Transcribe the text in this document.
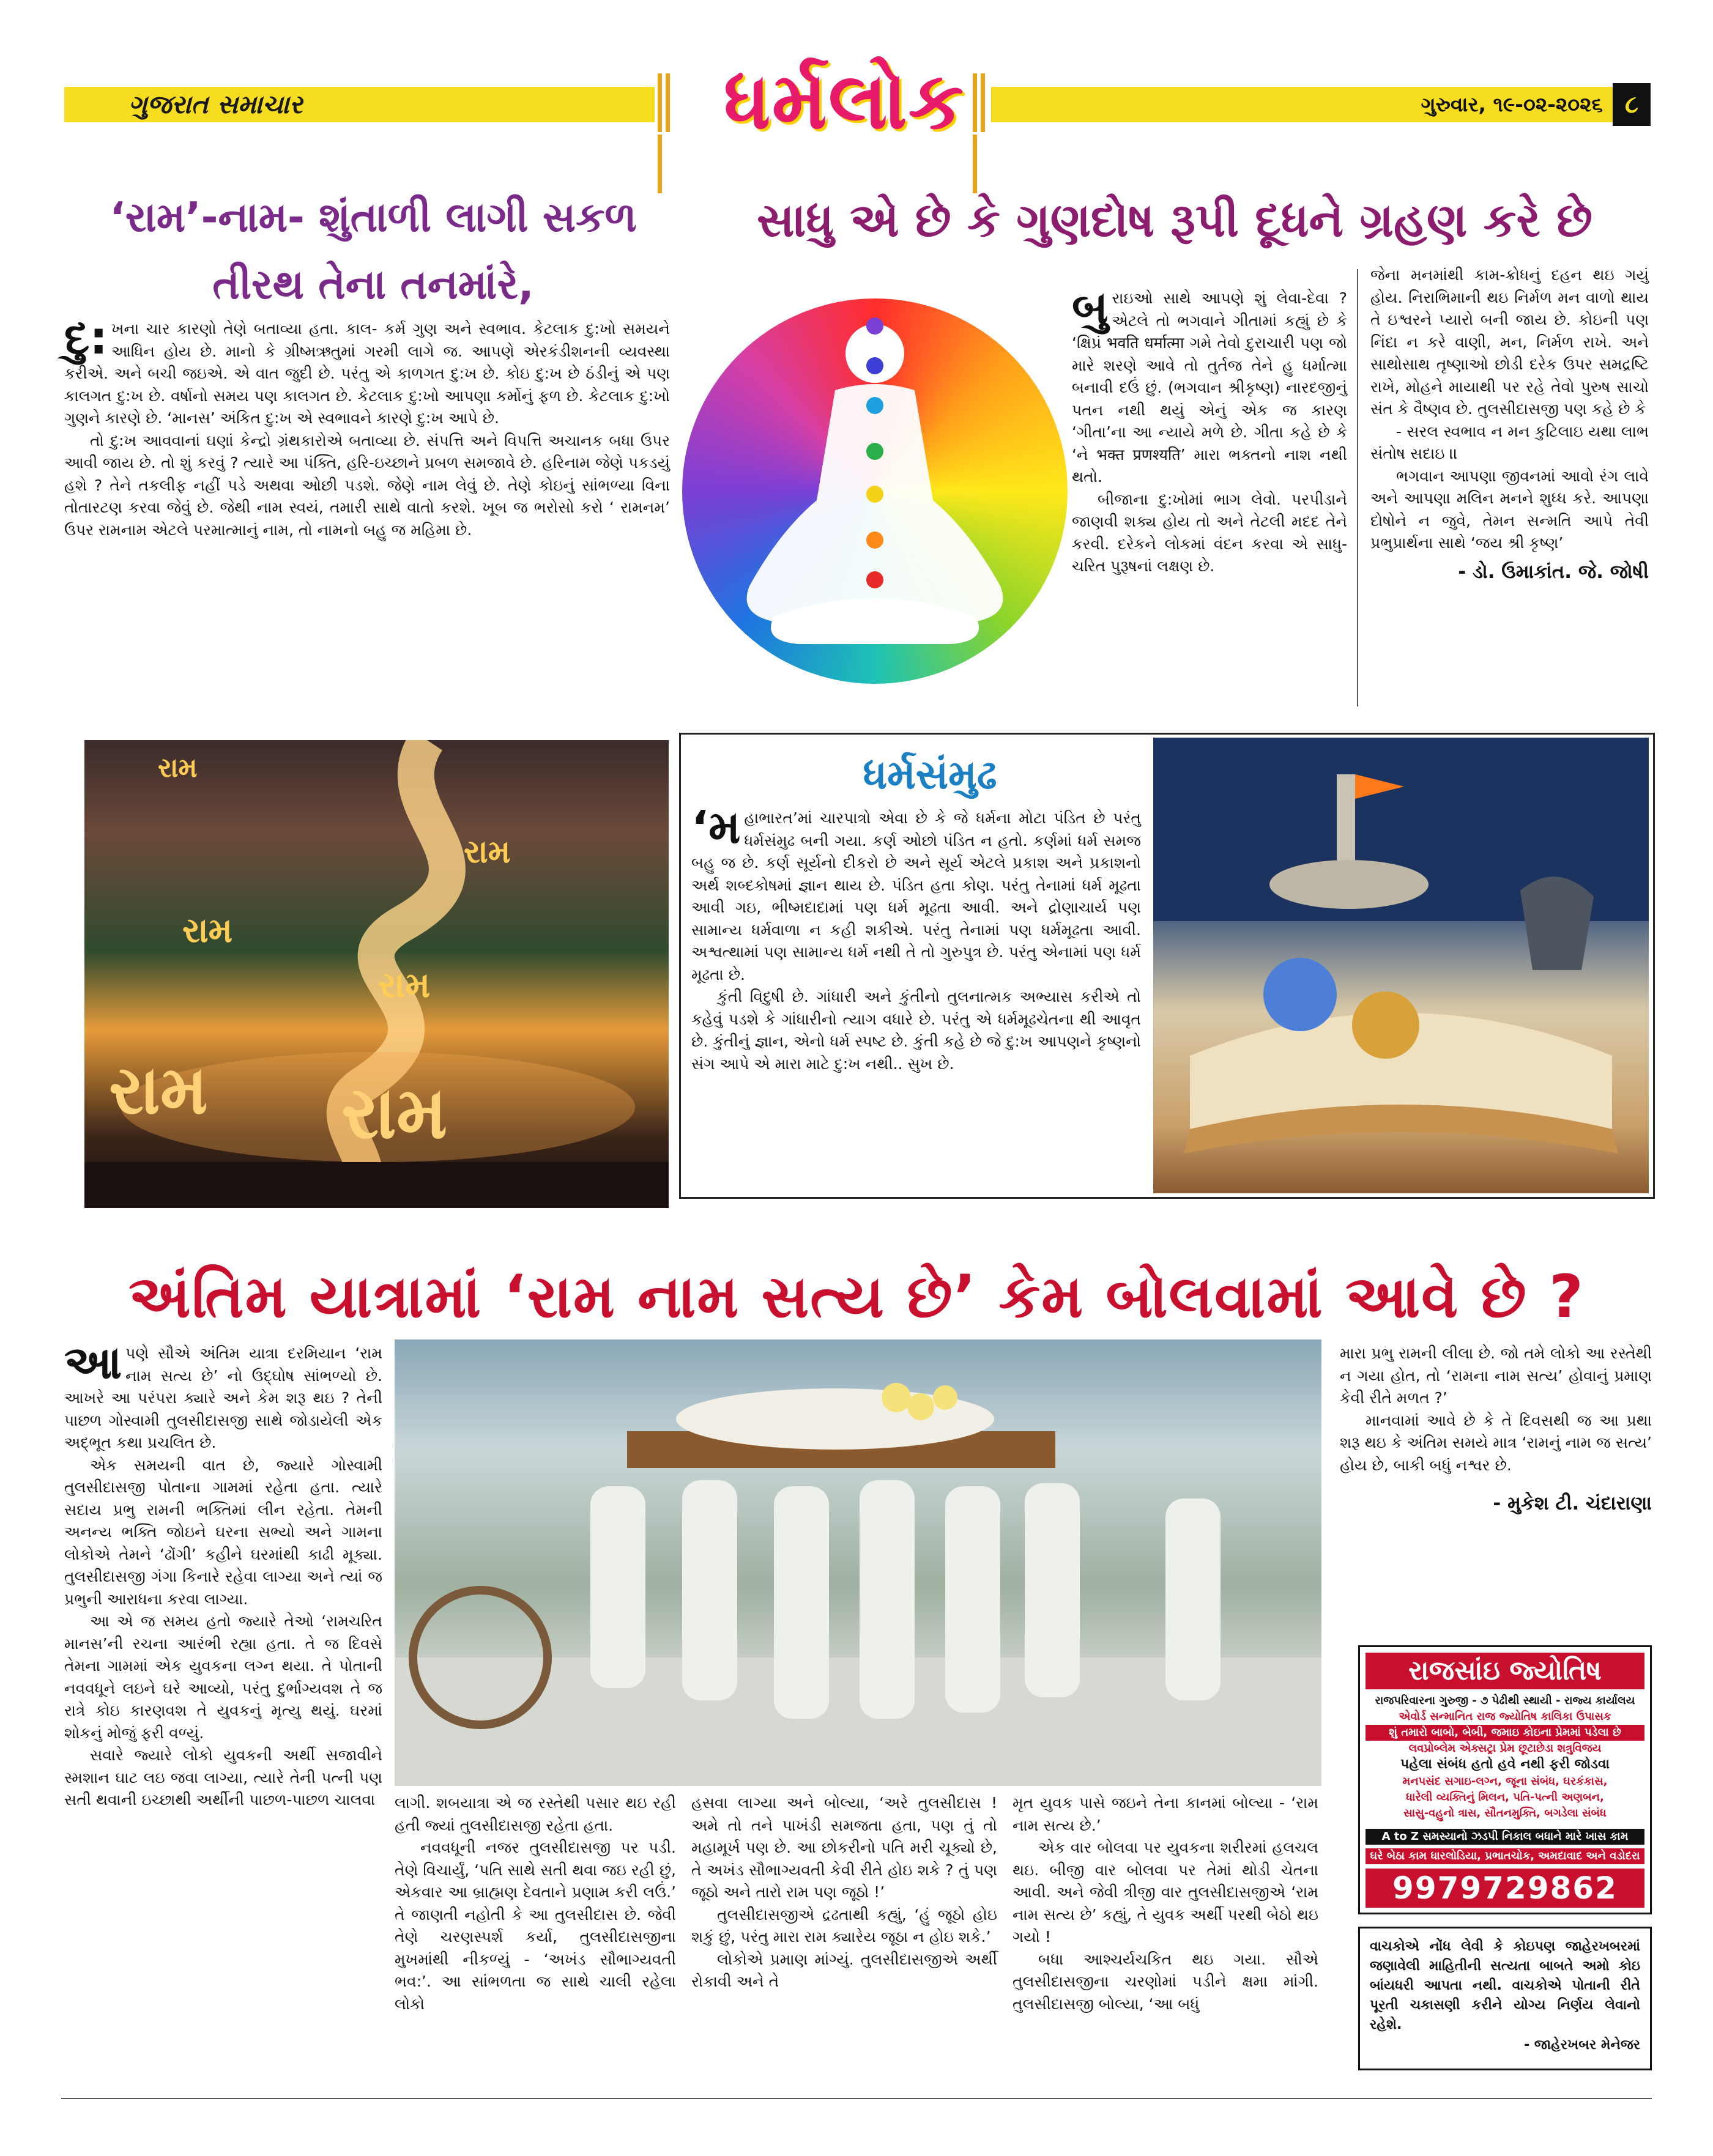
ગુજરાત સમાચાર	ધર્મલોક	ગુરુવાર, ૧૯-૦૨-૨૦૨૬ ૮
‘રામ’-નામ- શુંતાળી લાગી સકળ તીરથ તેના તનમાંરે,

દુ: ખના ચાર કારણો તેણે બતાવ્યા હતા. કાલ- કર્મ ગુણ અને સ્વભાવ. કેટલાક દુ:ખો સમયને આધિન હોય છે. માનો કે ગ્રીષ્મઋતુમાં ગરમી લાગે જ. આપણે એરકંડીશનની વ્યવસ્થા કરીએ. અને બચી જઇએ. એ વાત જુદી છે. પરંતુ એ કાળગત દુ:ખ છે. કોઇ દુ:ખ છે ઠંડીનું એ પણ કાલગત દુ:ખ છે. વર્ષાનો સમય પણ કાલગત છે. કેટલાક દુ:ખો આપણા કર્મોનું ફળ છે. કેટલાક દુ:ખો ગુણને કારણે છે. ‘માનસ’ અંકિત દુ:ખ એ સ્વભાવને કારણે દુ:ખ આપે છે.

તો દુ:ખ આવવાનાં ઘણાં કેન્દ્રો ગ્રંથકારોએ બતાવ્યા છે. સંપત્તિ અને વિપત્તિ અચાનક બધા ઉપર આવી જાય છે. તો શું કરવું ? ત્યારે આ પંક્તિ, હરિ-ઇચ્છાને પ્રબળ સમજાવે છે. હરિનામ જેણે પકડયું હશે ? તેને તકલીફ નહીં પડે અથવા ઓછી પડશે. જેણે નામ લેવું છે. તેણે કોઇનું સાંભળ્યા વિના તોતારટણ કરવા જેવું છે. જેથી નામ સ્વયં, તમારી સાથે વાતો કરશે. ખૂબ જ ભરોસો કરો ‘ રામનમ’ ઉપર રામનામ એટલે પરમાત્માનું નામ, તો નામનો બહુ જ મહિમા છે.

સાધુ એ છે કે ગુણદોષ રૂપી દૂધને ગ્રહણ કરે છે

બુરાઇઓ સાથે આપણે શું લેવા-દેવા ? એટલે તો ભગવાને ગીતામાં કહ્યું છે કે ‘ક્ષિપ્રં भवति धर्मात्मा ગમે તેવો દુરાચારી પણ જો મારે શરણે આવે તો તુર્તજ તેને હુ ધર્માત્મા બનાવી દઉં છું. (ભગવાન શ્રીકૃષ્ણ) નારદજીનું પતન નથી થયું એનું એક જ કારણ ‘ગીતા’ના આ ન્યાયે મળે છે. ગીતા કહે છે કે ‘ને भक्त प्रणश्यति’ મારા ભક્તનો નાશ નથી થતો.

બીજાના દુ:ખોમાં ભાગ લેવો. પરપીડાને જાણવી શક્ય હોય તો અને તેટલી મદદ તેને કરવી. દરેકને લોકમાં વંદન કરવા એ સાધુ-ચરિત પુરૂષનાં લક્ષણ છે.

જેના મનમાંથી કામ-ક્રોધનું દહન થઇ ગયું હોય. નિરાભિમાની થઇ નિર્મળ મન વાળો થાય તે ઇશ્વરને પ્યારો બની જાય છે. કોઇની પણ નિંદા ન કરે વાણી, મન, નિર્મળ રાખે. અને સાથોસાથ તૃષ્ણાઓ છોડી દરેક ઉપર સમદ્રષ્ટિ રાખે, મોહને માયાથી પર રહે તેવો પુરુષ સાચો સંત કે વૈષ્ણવ છે. તુલસીદાસજી પણ કહે છે કે

- સરલ સ્વભાવ ન મન કુટિલાઇ યથા લાભ સંતોષ સદાઇ ।।

ભગવાન આપણા જીવનમાં આવો રંગ લાવે અને આપણા મલિન મનને શુધ્ધ કરે. આપણા દોષોને ન જુવે, તેમન સન્મતિ આપે તેવી પ્રભુપ્રાર્થના સાથે ‘જય શ્રી કૃષ્ણ’

- ડો. ઉમાકાંત. જે. જોષી
રામ
રામ
રામ
રામ
રામ રામ
ધર્મસંમુઢ

‘મહાભારત’માં ચારપાત્રો એવા છે કે જે ધર્મના મોટા પંડિત છે પરંતુ ધર્મસંમુઢ બની ગયા. કર્ણ ઓછો પંડિત ન હતો. કર્ણમાં ધર્મ સમજ બહુ જ છે. કર્ણ સૂર્યનો દીકરો છે અને સૂર્ય એટલે પ્રકાશ અને પ્રકાશનો અર્થ શબ્દકોષમાં જ્ઞાન થાય છે. પંડિત હતા કોણ. પરંતુ તેનામાં ધર્મ મૂઢતા આવી ગઇ, ભીષ્મદાદામાં પણ ધર્મ મૂઢતા આવી. અને દ્રોણાચાર્ય પણ સામાન્ય ધર્મવાળા ન કહી શકીએ. પરંતુ તેનામાં પણ ધર્મમૂઢતા આવી. અશ્વત્થામાં પણ સામાન્ય ધર્મ નથી તે તો ગુરુપુત્ર છે. પરંતુ એનામાં પણ ધર્મ મૂઢતા છે.

કુંતી વિદુષી છે. ગાંધારી અને કુંતીનો તુલનાત્મક અભ્યાસ કરીએ તો કહેવું પડશે કે ગાંધારીનો ત્યાગ વધારે છે. પરંતુ એ ધર્મમૂઢચેતના થી આવૃત છે. કુંતીનું જ્ઞાન, એનો ધર્મ સ્પષ્ટ છે. કુંતી કહે છે જે દુ:ખ આપણને કૃષ્ણનો સંગ આપે એ મારા માટે દુ:ખ નથી.. સુખ છે.

અંતિમ યાત્રામાં ‘રામ નામ સત્ય છે’ કેમ બોલવામાં આવે છે ?

આપણે સૌએ અંતિમ યાત્રા દરમિયાન ‘રામ નામ સત્ય છે’ નો ઉદ્ઘોષ સાંભળ્યો છે. આખરે આ પરંપરા ક્યારે અને કેમ શરૂ થઇ ? તેની પાછળ ગોસ્વામી તુલસીદાસજી સાથે જોડાયેલી એક અદ્ભૂત કથા પ્રચલિત છે.

એક સમયની વાત છે, જ્યારે ગોસ્વામી તુલસીદાસજી પોતાના ગામમાં રહેતા હતા. ત્યારે સદાય પ્રભુ રામની ભક્તિમાં લીન રહેતા. તેમની અનન્ય ભક્તિ જોઇને ઘરના સભ્યો અને ગામના લોકોએ તેમને ‘ઢોંગી’ કહીને ઘરમાંથી કાઢી મૂક્યા. તુલસીદાસજી ગંગા કિનારે રહેવા લાગ્યા અને ત્યાં જ પ્રભુની આરાધના કરવા લાગ્યા.

આ એ જ સમય હતો જ્યારે તેઓ ‘રામચરિત માનસ’ની રચના આરંભી રહ્યા હતા. તે જ દિવસે તેમના ગામમાં એક યુવકના લગ્ન થયા. તે પોતાની નવવધૂને લઇને ઘરે આવ્યો, પરંતુ દુર્ભાગ્યવશ તે જ રાત્રે કોઇ કારણવશ તે યુવકનું મૃત્યુ થયું. ઘરમાં શોકનું મોજું ફરી વળ્યું.

સવારે જ્યારે લોકો યુવકની અર્થી સજાવીને સ્મશાન ઘાટ લઇ જવા લાગ્યા, ત્યારે તેની પત્ની પણ સતી થવાની ઇચ્છાથી અર્થીની પાછળ-પાછળ ચાલવા	લાગી. શબયાત્રા એ જ રસ્તેથી પસાર થઇ રહી હતી જ્યાં તુલસીદાસજી રહેતા હતા.

નવવધૂની નજર તુલસીદાસજી પર પડી. તેણે વિચાર્યું, ‘પતિ સાથે સતી થવા જઇ રહી છું, એકવાર આ બ્રાહ્મણ દેવતાને પ્રણામ કરી લઉં.’ તે જાણતી નહોતી કે આ તુલસીદાસ છે. જેવી તેણે ચરણસ્પર્શ કર્યા, તુલસીદાસજીના મુખમાંથી નીકળ્યું - ‘અખંડ સૌભાગ્યવતી ભવ:’. આ સાંભળતા જ સાથે ચાલી રહેલા લોકો

હસવા લાગ્યા અને બોલ્યા, ‘અરે તુલસીદાસ ! અમે તો તને પાખંડી સમજતા હતા, પણ તું તો મહામૂર્ખ પણ છે. આ છોકરીનો પતિ મરી ચૂક્યો છે, તે અખંડ સૌભાગ્યવતી કેવી રીતે હોઇ શકે ? તું પણ જૂઠો અને તારો રામ પણ જૂઠો !’

તુલસીદાસજીએ દ્રઢતાથી કહ્યું, ‘હું જૂઠો હોઇ શકું છું, પરંતુ મારા રામ ક્યારેય જૂઠા ન હોઇ શકે.’

લોકોએ પ્રમાણ માંગ્યું. તુલસીદાસજીએ અર્થી રોકાવી અને તે

મૃત યુવક પાસે જઇને તેના કાનમાં બોલ્યા - ‘રામ નામ સત્ય છે.’

એક વાર બોલવા પર યુવકના શરીરમાં હલચલ થઇ. બીજી વાર બોલવા પર તેમાં થોડી ચેતના આવી. અને જેવી ત્રીજી વાર તુલસીદાસજીએ ‘રામ નામ સત્ય છે’ કહ્યું, તે યુવક અર્થી પરથી બેઠો થઇ ગયો !

બધા આશ્ચર્યચકિત થઇ ગયા. સૌએ તુલસીદાસજીના ચરણોમાં પડીને ક્ષમા માંગી. તુલસીદાસજી બોલ્યા, ‘આ બધું

મારા પ્રભુ રામની લીલા છે. જો તમે લોકો આ રસ્તેથી ન ગયા હોત, તો ‘રામના નામ સત્ય’ હોવાનું પ્રમાણ કેવી રીતે મળત ?’

માનવામાં આવે છે કે તે દિવસથી જ આ પ્રથા શરૂ થઇ કે અંતિમ સમયે માત્ર ‘રામનું નામ જ સત્ય’ હોય છે, બાકી બધું નશ્વર છે.

- મુકેશ ટી. ચંદારાણા
રાજસાંઇ જ્યોતિષ
રાજપરિવારના ગુરુજી - ૭ પેઢીથી સ્થાયી - રાજ્ય કાર્યાલય
એવોર્ડ સન્માનિત રાજ જ્યોતિષ કાલિકા ઉપાસક
શું તમારો બાબો, બેબી, જમાઇ કોઇના પ્રેમમાં પડેલા છે
લવપ્રોબ્લેમ એક્સટ્રા પ્રેમ છૂટાછેડા શત્રુવિજય
પહેલા સંબંધ હતો હવે નથી ફરી જોડવા
મનપસંદ સગાઇ-લગ્ન, જૂના સંબંધ, ઘરકંકાસ,
ધારેલી વ્યક્તિનું મિલન, પતિ-પત્ની અણબન,
સાસુ-વહુનો ત્રાસ, સૌતનમુક્તિ, બગડેલા સંબંધ
A to Z સમસ્યાનો ઝડપી નિકાલ બધાને મારે ખાસ કામ
ઘરે બેઠા કામ ધારલોડિયા, પ્રભાતચોક, અમદાવાદ અને વડોદરા
9979729862

વાચકોએ નોંધ લેવી કે કોઇપણ જાહેરખબરમાં જણાવેલી માહિતીની સત્યતા બાબતે અમો કોઇ બાંયધરી આપતા નથી. વાચકોએ પોતાની રીતે પૂરતી ચકાસણી કરીને યોગ્ય નિર્ણય લેવાનો રહેશે.

- જાહેરખબર મેનેજર
